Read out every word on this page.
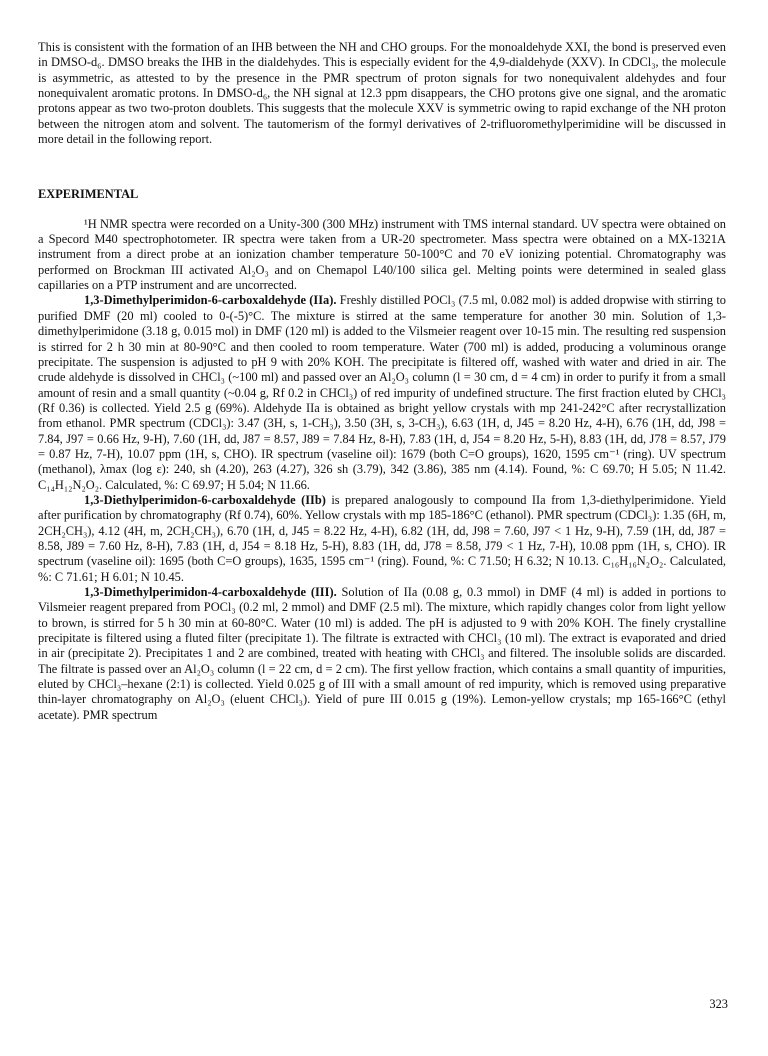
This is consistent with the formation of an IHB between the NH and CHO groups. For the monoaldehyde XXI, the bond is preserved even in DMSO-d₆. DMSO breaks the IHB in the dialdehydes. This is especially evident for the 4,9-dialdehyde (XXV). In CDCl₃, the molecule is asymmetric, as attested to by the presence in the PMR spectrum of proton signals for two nonequivalent aldehydes and four nonequivalent aromatic protons. In DMSO-d₆, the NH signal at 12.3 ppm disappears, the CHO protons give one signal, and the aromatic protons appear as two two-proton doublets. This suggests that the molecule XXV is symmetric owing to rapid exchange of the NH proton between the nitrogen atom and solvent. The tautomerism of the formyl derivatives of 2-trifluoromethylperimidine will be discussed in more detail in the following report.

EXPERIMENTAL

¹H NMR spectra were recorded on a Unity-300 (300 MHz) instrument with TMS internal standard. UV spectra were obtained on a Specord M40 spectrophotometer. IR spectra were taken from a UR-20 spectrometer. Mass spectra were obtained on a MX-1321A instrument from a direct probe at an ionization chamber temperature 50-100°C and 70 eV ionizing potential. Chromatography was performed on Brockman III activated Al₂O₃ and on Chemapol L40/100 silica gel. Melting points were determined in sealed glass capillaries on a PTP instrument and are uncorrected.

1,3-Dimethylperimidon-6-carboxaldehyde (IIa). Freshly distilled POCl₃ (7.5 ml, 0.082 mol) is added dropwise with stirring to purified DMF (20 ml) cooled to 0-(-5)°C. The mixture is stirred at the same temperature for another 30 min. Solution of 1,3-dimethylperimidone (3.18 g, 0.015 mol) in DMF (120 ml) is added to the Vilsmeier reagent over 10-15 min. The resulting red suspension is stirred for 2 h 30 min at 80-90°C and then cooled to room temperature. Water (700 ml) is added, producing a voluminous orange precipitate. The suspension is adjusted to pH 9 with 20% KOH. The precipitate is filtered off, washed with water and dried in air. The crude aldehyde is dissolved in CHCl₃ (~100 ml) and passed over an Al₂O₃ column (l = 30 cm, d = 4 cm) in order to purify it from a small amount of resin and a small quantity (~0.04 g, Rf 0.2 in CHCl₃) of red impurity of undefined structure. The first fraction eluted by CHCl₃ (Rf 0.36) is collected. Yield 2.5 g (69%). Aldehyde IIa is obtained as bright yellow crystals with mp 241-242°C after recrystallization from ethanol. PMR spectrum (CDCl₃): 3.47 (3H, s, 1-CH₃), 3.50 (3H, s, 3-CH₃), 6.63 (1H, d, J45 = 8.20 Hz, 4-H), 6.76 (1H, dd, J98 = 7.84, J97 = 0.66 Hz, 9-H), 7.60 (1H, dd, J87 = 8.57, J89 = 7.84 Hz, 8-H), 7.83 (1H, d, J54 = 8.20 Hz, 5-H), 8.83 (1H, dd, J78 = 8.57, J79 = 0.87 Hz, 7-H), 10.07 ppm (1H, s, CHO). IR spectrum (vaseline oil): 1679 (both C=O groups), 1620, 1595 cm⁻¹ (ring). UV spectrum (methanol), λmax (log ε): 240, sh (4.20), 263 (4.27), 326 sh (3.79), 342 (3.86), 385 nm (4.14). Found, %: C 69.70; H 5.05; N 11.42. C₁₄H₁₂N₂O₂. Calculated, %: C 69.97; H 5.04; N 11.66.

1,3-Diethylperimidon-6-carboxaldehyde (IIb) is prepared analogously to compound IIa from 1,3-diethylperimidone. Yield after purification by chromatography (Rf 0.74), 60%. Yellow crystals with mp 185-186°C (ethanol). PMR spectrum (CDCl₃): 1.35 (6H, m, 2CH₂CH₃), 4.12 (4H, m, 2CH₂CH₃), 6.70 (1H, d, J45 = 8.22 Hz, 4-H), 6.82 (1H, dd, J98 = 7.60, J97 < 1 Hz, 9-H), 7.59 (1H, dd, J87 = 8.58, J89 = 7.60 Hz, 8-H), 7.83 (1H, d, J54 = 8.18 Hz, 5-H), 8.83 (1H, dd, J78 = 8.58, J79 < 1 Hz, 7-H), 10.08 ppm (1H, s, CHO). IR spectrum (vaseline oil): 1695 (both C=O groups), 1635, 1595 cm⁻¹ (ring). Found, %: C 71.50; H 6.32; N 10.13. C₁₆H₁₆N₂O₂. Calculated, %: C 71.61; H 6.01; N 10.45.

1,3-Dimethylperimidon-4-carboxaldehyde (III). Solution of IIa (0.08 g, 0.3 mmol) in DMF (4 ml) is added in portions to Vilsmeier reagent prepared from POCl₃ (0.2 ml, 2 mmol) and DMF (2.5 ml). The mixture, which rapidly changes color from light yellow to brown, is stirred for 5 h 30 min at 60-80°C. Water (10 ml) is added. The pH is adjusted to 9 with 20% KOH. The finely crystalline precipitate is filtered using a fluted filter (precipitate 1). The filtrate is extracted with CHCl₃ (10 ml). The extract is evaporated and dried in air (precipitate 2). Precipitates 1 and 2 are combined, treated with heating with CHCl₃ and filtered. The insoluble solids are discarded. The filtrate is passed over an Al₂O₃ column (l = 22 cm, d = 2 cm). The first yellow fraction, which contains a small quantity of impurities, eluted by CHCl₃–hexane (2:1) is collected. Yield 0.025 g of III with a small amount of red impurity, which is removed using preparative thin-layer chromatography on Al₂O₃ (eluent CHCl₃). Yield of pure III 0.015 g (19%). Lemon-yellow crystals; mp 165-166°C (ethyl acetate). PMR spectrum

323
